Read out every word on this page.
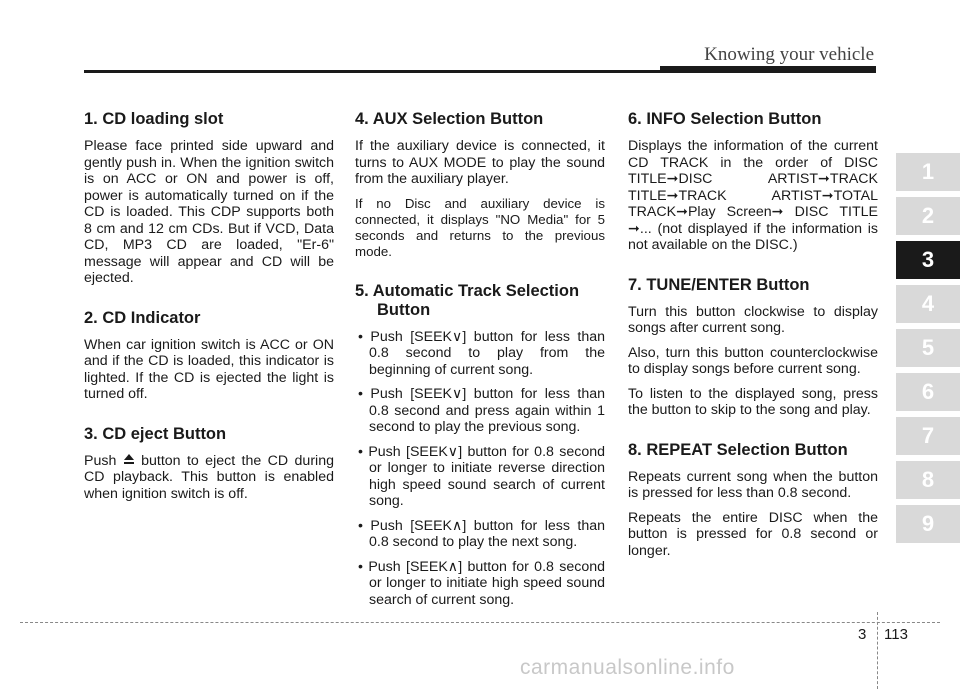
Knowing your vehicle
1. CD loading slot

Please face printed side upward and gently push in. When the ignition switch is on ACC or ON and power is off, power is automatically turned on if the CD is loaded. This CDP supports both 8 cm and 12 cm CDs. But if VCD, Data CD, MP3 CD are loaded, "Er-6" message will appear and CD will be ejected.

2. CD Indicator

When car ignition switch is ACC or ON and if the CD is loaded, this indicator is lighted. If the CD is ejected the light is turned off.

3. CD eject Button

Push button to eject the CD during CD playback. This button is enabled when ignition switch is off.

4. AUX Selection Button

If the auxiliary device is connected, it turns to AUX MODE to play the sound from the auxiliary player.

If no Disc and auxiliary device is connected, it displays "NO Media" for 5 seconds and returns to the previous mode.

5. Automatic Track Selection Button
• Push [SEEK∨] button for less than 0.8 second to play from the beginning of current song.
• Push [SEEK∨] button for less than 0.8 second and press again within 1 second to play the previous song.
• Push [SEEK∨] button for 0.8 second or longer to initiate reverse direction high speed sound search of current song.
• Push [SEEK∧] button for less than 0.8 second to play the next song.
• Push [SEEK∧] button for 0.8 second or longer to initiate high speed sound search of current song.
6. INFO Selection Button

Displays the information of the current CD TRACK in the order of DISC TITLE➞DISC ARTIST➞TRACK TITLE➞TRACK ARTIST➞TOTAL TRACK➞Play Screen➞ DISC TITLE ➞... (not displayed if the information is not available on the DISC.)

7. TUNE/ENTER Button

Turn this button clockwise to display songs after current song.

Also, turn this button counterclockwise to display songs before current song.

To listen to the displayed song, press the button to skip to the song and play.

8. REPEAT Selection Button

Repeats current song when the button is pressed for less than 0.8 second.

Repeats the entire DISC when the button is pressed for 0.8 second or longer.

1
2
3
4
5
6
7
8
9
3 113
carmanualsonline.info
